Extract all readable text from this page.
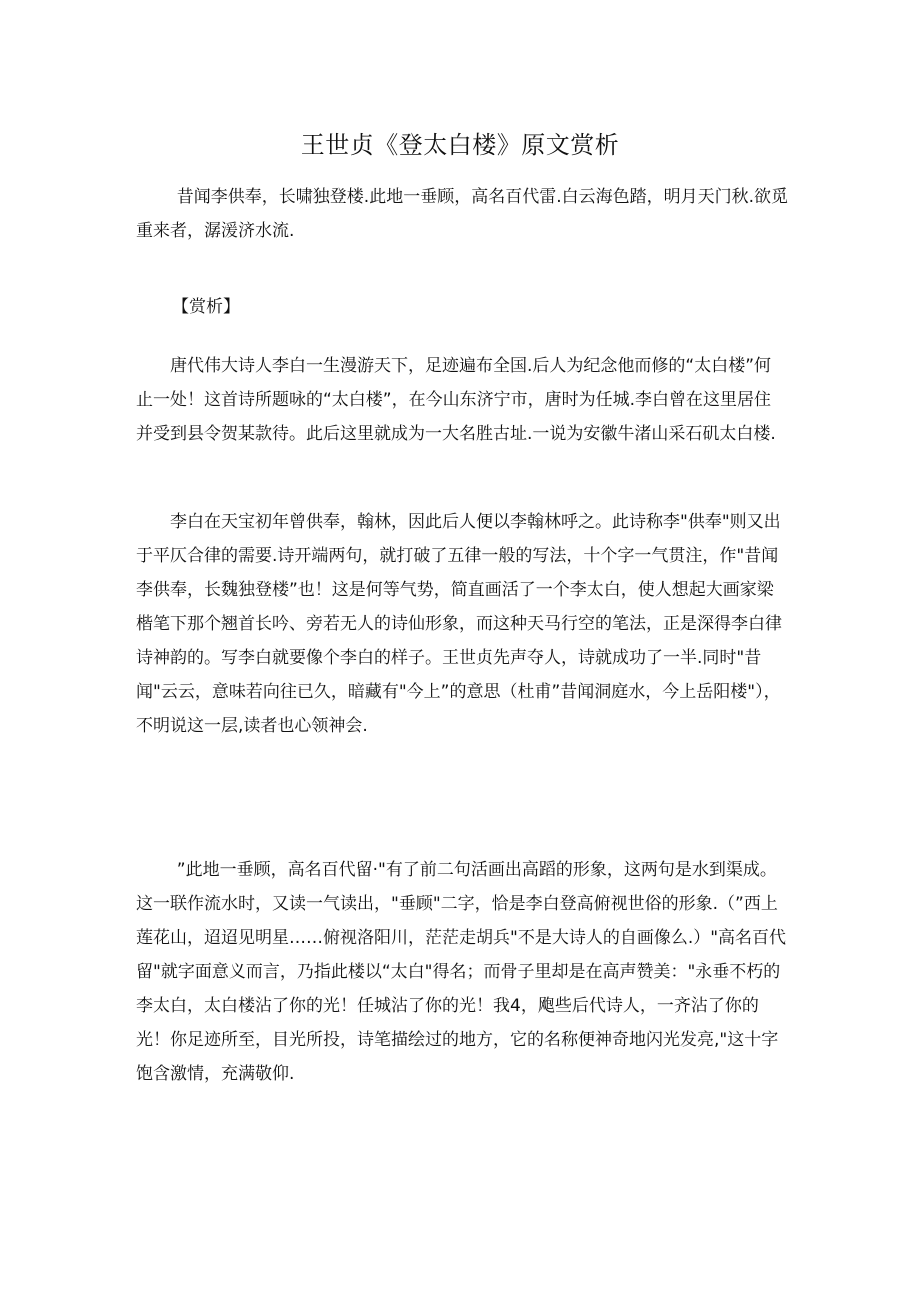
王世贞《登太白楼》原文赏析

昔闻李供奉，长啸独登楼.此地一垂顾，高名百代雷.白云海色踏，明月天门秋.欲觅重来者，潺湲济水流.

【赏析】

唐代伟大诗人李白一生漫游天下，足迹遍布全国.后人为纪念他而修的“太白楼”何止一处！这首诗所题咏的“太白楼”，在今山东济宁市，唐时为任城.李白曾在这里居住并受到县令贺某款待。此后这里就成为一大名胜古址.一说为安徽牛渚山采石矶太白楼.

李白在天宝初年曾供奉，翰林，因此后人便以李翰林呼之。此诗称李"供奉"则又出于平仄合律的需要.诗开端两句，就打破了五律一般的写法，十个字一气贯注，作"昔闻李供奉，长魏独登楼”也！这是何等气势，简直画活了一个李太白，使人想起大画家梁楷笔下那个翘首长吟、旁若无人的诗仙形象，而这种天马行空的笔法，正是深得李白律诗神韵的。写李白就要像个李白的样子。王世贞先声夺人，诗就成功了一半.同时"昔闻"云云，意味若向往已久，暗藏有"今上”的意思（杜甫”昔闻洞庭水，今上岳阳楼"），不明说这一层,读者也心领神会.

”此地一垂顾，高名百代留·"有了前二句活画出高蹈的形象，这两句是水到渠成。这一联作流水时，又读一气读出，"垂顾"二字，恰是李白登高俯视世俗的形象.（”西上莲花山，迢迢见明星……俯视洛阳川，茫茫走胡兵"不是大诗人的自画像么.）"高名百代留"就字面意义而言，乃指此楼以“太白"得名；而骨子里却是在高声赞美："永垂不朽的李太白，太白楼沾了你的光！任城沾了你的光！我4，飑些后代诗人，一齐沾了你的光！你足迹所至，目光所投，诗笔描绘过的地方，它的名称便神奇地闪光发亮,"这十字饱含激情，充满敬仰.
